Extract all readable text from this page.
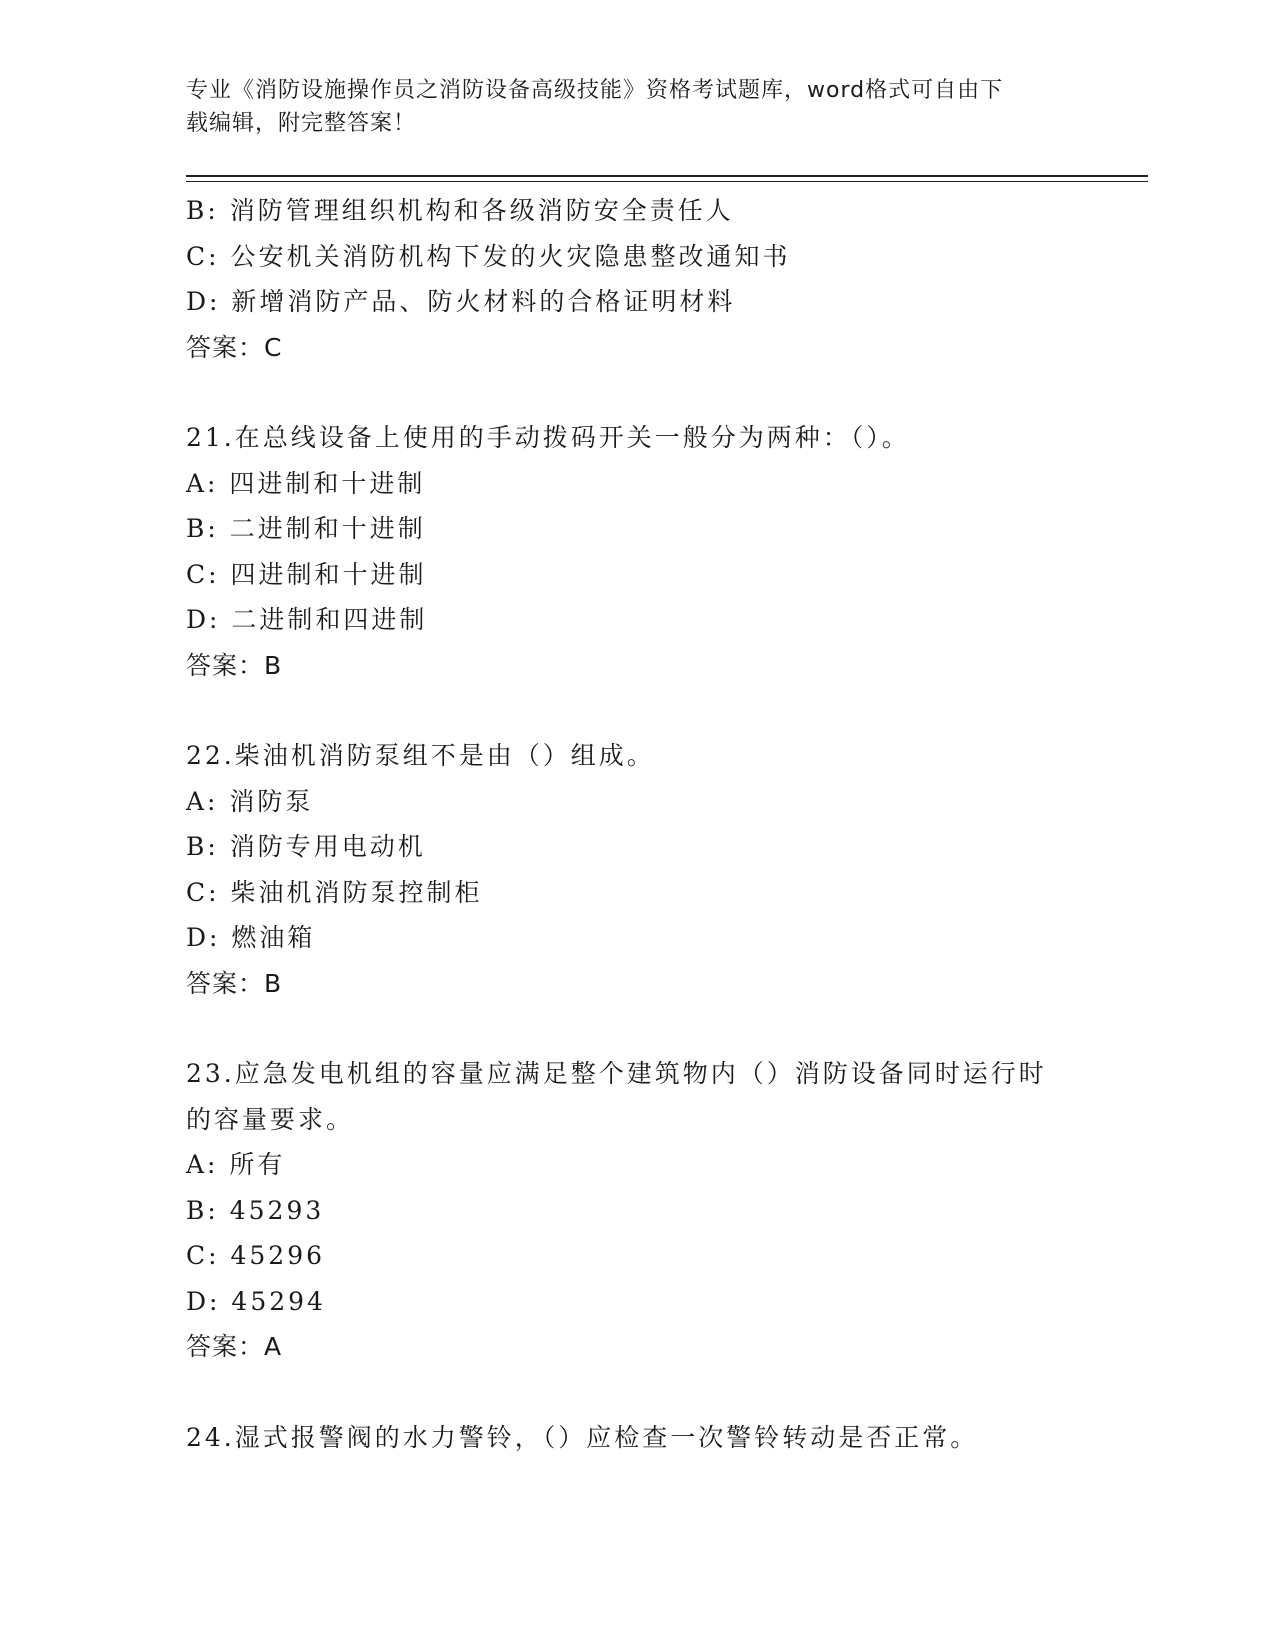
专业《消防设施操作员之消防设备高级技能》资格考试题库，word格式可自由下
载编辑，附完整答案！
B: 消防管理组织机构和各级消防安全责任人
C: 公安机关消防机构下发的火灾隐患整改通知书
D: 新增消防产品、防火材料的合格证明材料
答案：C
21.在总线设备上使用的手动拨码开关一般分为两种：（）。
A: 四进制和十进制
B: 二进制和十进制
C: 四进制和十进制
D: 二进制和四进制
答案：B
22.柴油机消防泵组不是由（）组成。
A: 消防泵
B: 消防专用电动机
C: 柴油机消防泵控制柜
D: 燃油箱
答案：B
23.应急发电机组的容量应满足整个建筑物内（）消防设备同时运行时
的容量要求。
A: 所有
B: 45293
C: 45296
D: 45294
答案：A
24.湿式报警阀的水力警铃，（）应检查一次警铃转动是否正常。
